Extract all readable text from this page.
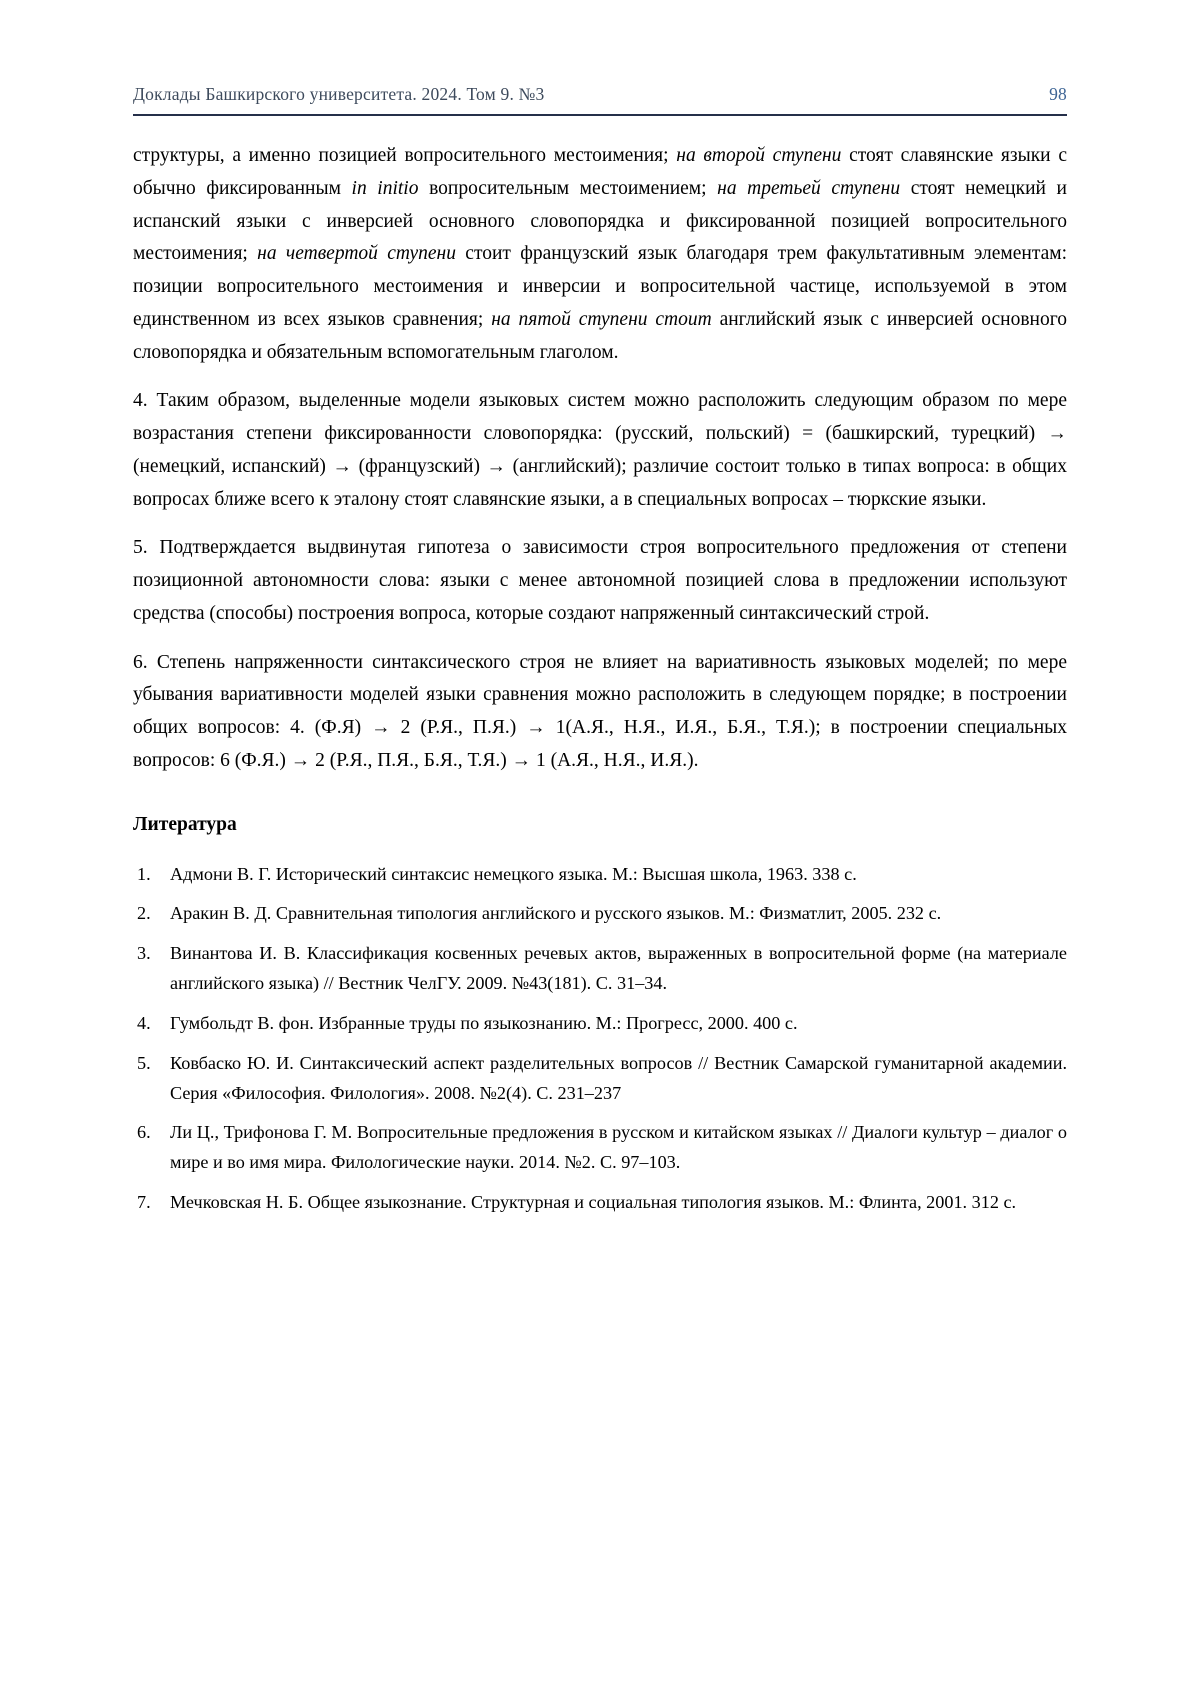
Доклады Башкирского университета. 2024. Том 9. №3	98

структуры, а именно позицией вопросительного местоимения; на второй ступени стоят славянские языки с обычно фиксированным in initio вопросительным местоимением; на третьей ступени стоят немецкий и испанский языки с инверсией основного словопорядка и фиксированной позицией вопросительного местоимения; на четвертой ступени стоит французский язык благодаря трем факультативным элементам: позиции вопросительного местоимения и инверсии и вопросительной частице, используемой в этом единственном из всех языков сравнения; на пятой ступени стоит английский язык с инверсией основного словопорядка и обязательным вспомогательным глаголом.

4. Таким образом, выделенные модели языковых систем можно расположить следующим образом по мере возрастания степени фиксированности словопорядка: (русский, польский) = (башкирский, турецкий) → (немецкий, испанский) → (французский) → (английский); различие состоит только в типах вопроса: в общих вопросах ближе всего к эталону стоят славянские языки, а в специальных вопросах – тюркские языки.

5. Подтверждается выдвинутая гипотеза о зависимости строя вопросительного предложения от степени позиционной автономности слова: языки с менее автономной позицией слова в предложении используют средства (способы) построения вопроса, которые создают напряженный синтаксический строй.

6. Степень напряженности синтаксического строя не влияет на вариативность языковых моделей; по мере убывания вариативности моделей языки сравнения можно расположить в следующем порядке; в построении общих вопросов: 4. (Ф.Я) → 2 (Р.Я., П.Я.) → 1(А.Я., Н.Я., И.Я., Б.Я., Т.Я.); в построении специальных вопросов: 6 (Ф.Я.) → 2 (Р.Я., П.Я., Б.Я., Т.Я.) → 1 (А.Я., Н.Я., И.Я.).

Литература
1.	Адмони В. Г. Исторический синтаксис немецкого языка. М.: Высшая школа, 1963. 338 с.
2.	Аракин В. Д. Сравнительная типология английского и русского языков. М.: Физматлит, 2005. 232 с.
3.	Винантова И. В. Классификация косвенных речевых актов, выраженных в вопросительной форме (на материале английского языка) // Вестник ЧелГУ. 2009. №43(181). С. 31–34.
4.	Гумбольдт В. фон. Избранные труды по языкознанию. М.: Прогресс, 2000. 400 с.
5.	Ковбаско Ю. И. Синтаксический аспект разделительных вопросов // Вестник Самарской гуманитарной академии. Серия «Философия. Филология». 2008. №2(4). С. 231–237
6.	Ли Ц., Трифонова Г. М. Вопросительные предложения в русском и китайском языках // Диалоги культур – диалог о мире и во имя мира. Филологические науки. 2014. №2. С. 97–103.
7.	Мечковская Н. Б. Общее языкознание. Структурная и социальная типология языков. М.: Флинта, 2001. 312 с.
